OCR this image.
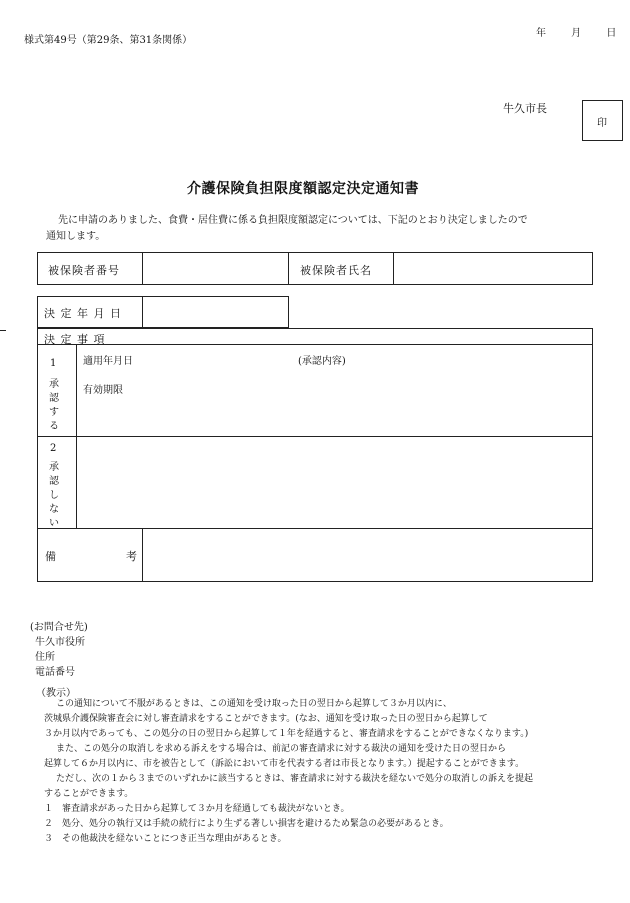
様式第49号（第29条、第31条関係）
年　 月　 日
牛久市長
印
介護保険負担限度額認定決定通知書
先に申請のありました、食費・居住費に係る負担限度額認定については、下記のとおり決定しましたので
通知します。
被保険者番号	被保険者氏名
決 定 年 月 日
決 定 事 項
1
承
認
す
る
適用年月日	(承認内容)
有効期限
2
承
認
し
な
い
備	考
(お問合せ先)
牛久市役所
住所
電話番号
（教示）
この通知について不服があるときは、この通知を受け取った日の翌日から起算して３か月以内に、
茨城県介護保険審査会に対し審査請求をすることができます。(なお、通知を受け取った日の翌日から起算して
３か月以内であっても、この処分の日の翌日から起算して１年を経過すると、審査請求をすることができなくなります。)
また、この処分の取消しを求める訴えをする場合は、前記の審査請求に対する裁決の通知を受けた日の翌日から
起算して６か月以内に、市を被告として（訴訟において市を代表する者は市長となります。）提起することができます。
ただし、次の１から３までのいずれかに該当するときは、審査請求に対する裁決を経ないで処分の取消しの訴えを提起
することができます。
１　審査請求があった日から起算して３か月を経過しても裁決がないとき。
２　処分、処分の執行又は手続の続行により生ずる著しい損害を避けるため緊急の必要があるとき。
３　その他裁決を経ないことにつき正当な理由があるとき。
